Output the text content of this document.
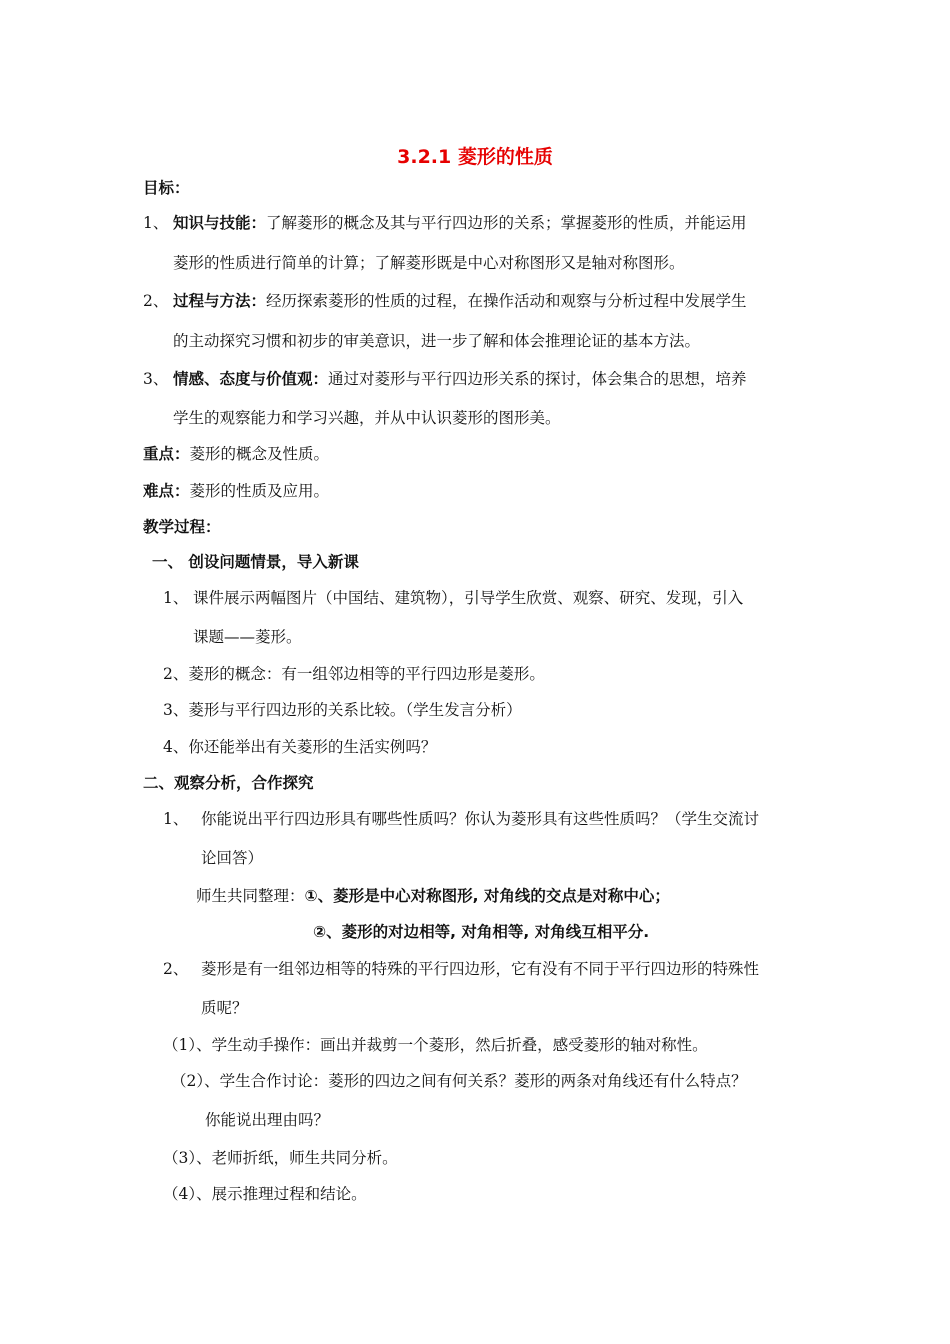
3.2.1 菱形的性质
目标：
1、 知识与技能：了解菱形的概念及其与平行四边形的关系；掌握菱形的性质，并能运用
菱形的性质进行简单的计算；了解菱形既是中心对称图形又是轴对称图形。
2、 过程与方法：经历探索菱形的性质的过程，在操作活动和观察与分析过程中发展学生
的主动探究习惯和初步的审美意识，进一步了解和体会推理论证的基本方法。
3、 情感、态度与价值观：通过对菱形与平行四边形关系的探讨，体会集合的思想，培养
学生的观察能力和学习兴趣，并从中认识菱形的图形美。
重点：菱形的概念及性质。
难点：菱形的性质及应用。
教学过程：
一、 创设问题情景，导入新课
1、 课件展示两幅图片（中国结、建筑物），引导学生欣赏、观察、研究、发现，引入
课题——菱形。
2、菱形的概念：有一组邻边相等的平行四边形是菱形。
3、菱形与平行四边形的关系比较。（学生发言分析）
4、你还能举出有关菱形的生活实例吗？
二、观察分析，合作探究
1、 你能说出平行四边形具有哪些性质吗？你认为菱形具有这些性质吗？（学生交流讨
论回答）
师生共同整理：①、菱形是中心对称图形, 对角线的交点是对称中心；
②、菱形的对边相等, 对角相等, 对角线互相平分.
2、 菱形是有一组邻边相等的特殊的平行四边形，它有没有不同于平行四边形的特殊性
质呢？
（1）、学生动手操作：画出并裁剪一个菱形，然后折叠，感受菱形的轴对称性。
（2）、学生合作讨论：菱形的四边之间有何关系？菱形的两条对角线还有什么特点？
你能说出理由吗？
（3）、老师折纸，师生共同分析。
（4）、展示推理过程和结论。
